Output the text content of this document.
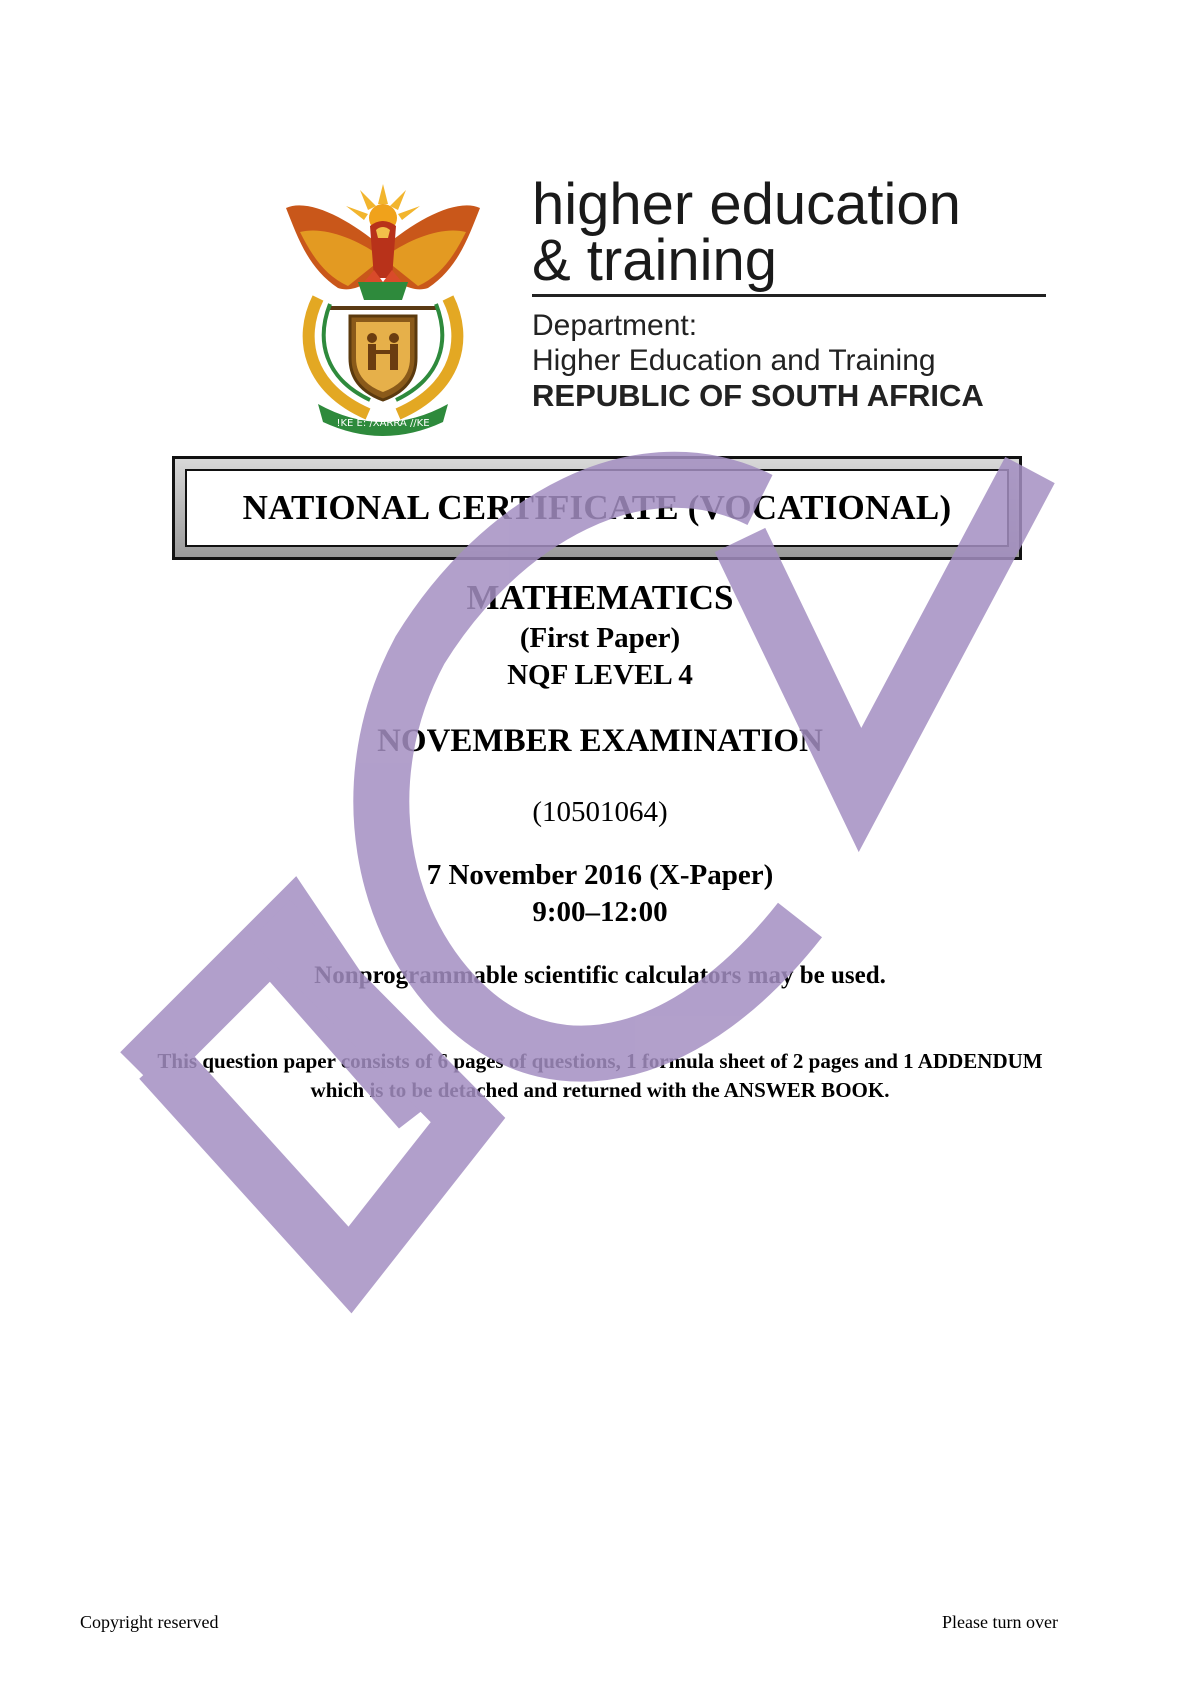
!KE E: /XARRA //KE
higher education
& training
Department:
Higher Education and Training
REPUBLIC OF SOUTH AFRICA
NATIONAL CERTIFICATE (VOCATIONAL)
MATHEMATICS
(First Paper)
NQF LEVEL 4
NOVEMBER EXAMINATION
(10501064)
7 November 2016 (X-Paper)
9:00–12:00
Nonprogrammable scientific calculators may be used.
This question paper consists of 6 pages of questions, 1 formula sheet of 2 pages and 1 ADDENDUM
which is to be detached and returned with the ANSWER BOOK.
Copyright reserved	Please turn over
